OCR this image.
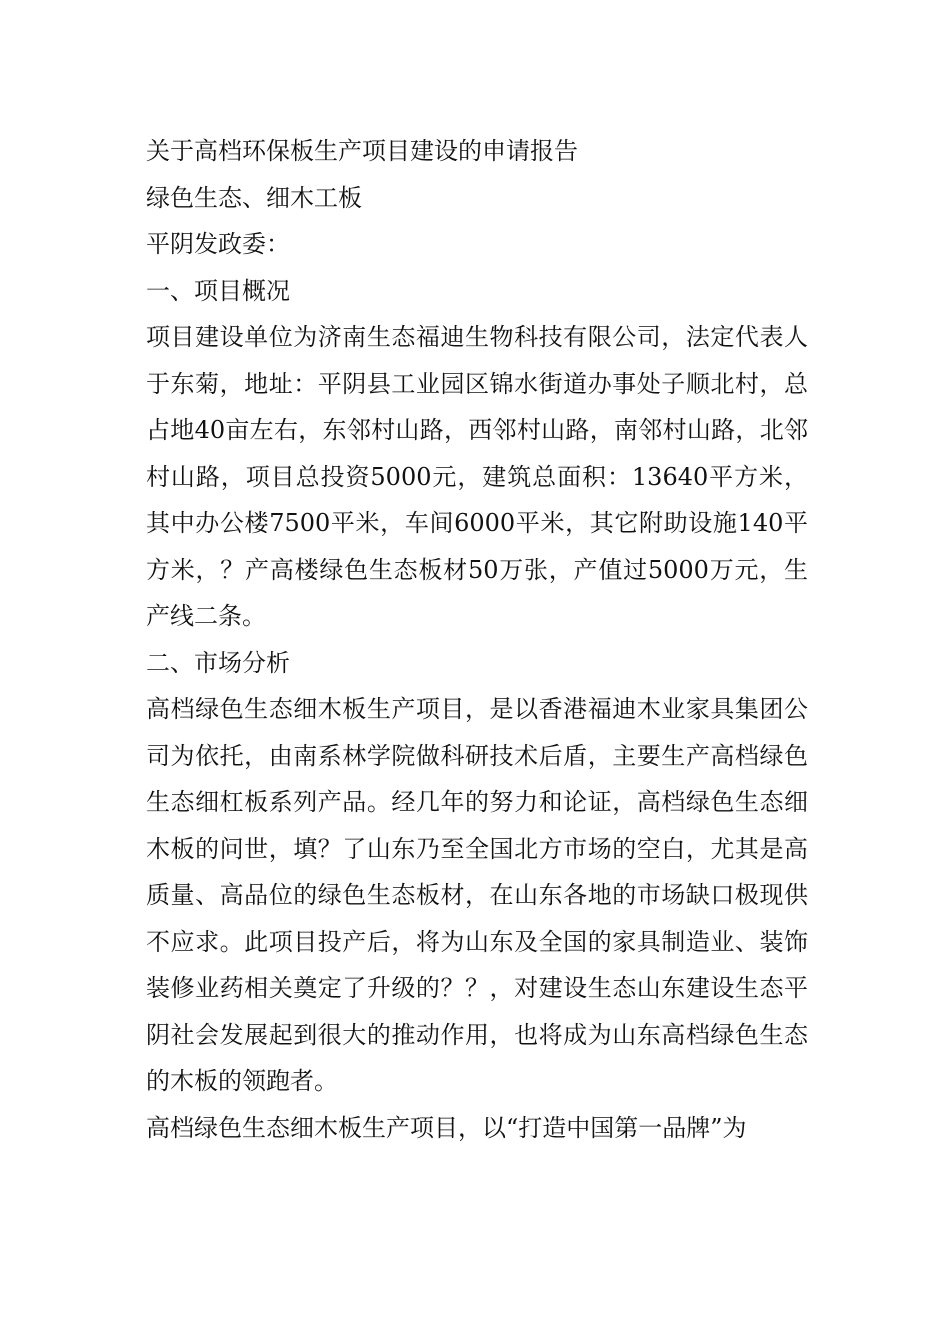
关于高档环保板生产项目建设的申请报告

绿色生态、细木工板

平阴发政委：

一、项目概况

项目建设单位为济南生态福迪生物科技有限公司，法定代表人于东菊，地址：平阴县工业园区锦水街道办事处子顺北村，总占地40亩左右，东邻村山路，西邻村山路，南邻村山路，北邻村山路，项目总投资5000元，建筑总面积：13640平方米，其中办公楼7500平米，车间6000平米，其它附助设施140平方米，？产高楼绿色生态板材50万张，产值过5000万元，生产线二条。

二、市场分析

高档绿色生态细木板生产项目，是以香港福迪木业家具集团公司为依托，由南系林学院做科研技术后盾，主要生产高档绿色生态细杠板系列产品。经几年的努力和论证，高档绿色生态细木板的问世，填？了山东乃至全国北方市场的空白，尤其是高质量、高品位的绿色生态板材，在山东各地的市场缺口极现供不应求。此项目投产后，将为山东及全国的家具制造业、装饰装修业药相关奠定了升级的？？，对建设生态山东建设生态平阴社会发展起到很大的推动作用，也将成为山东高档绿色生态的木板的领跑者。

高档绿色生态细木板生产项目，以“打造中国第一品牌”为
